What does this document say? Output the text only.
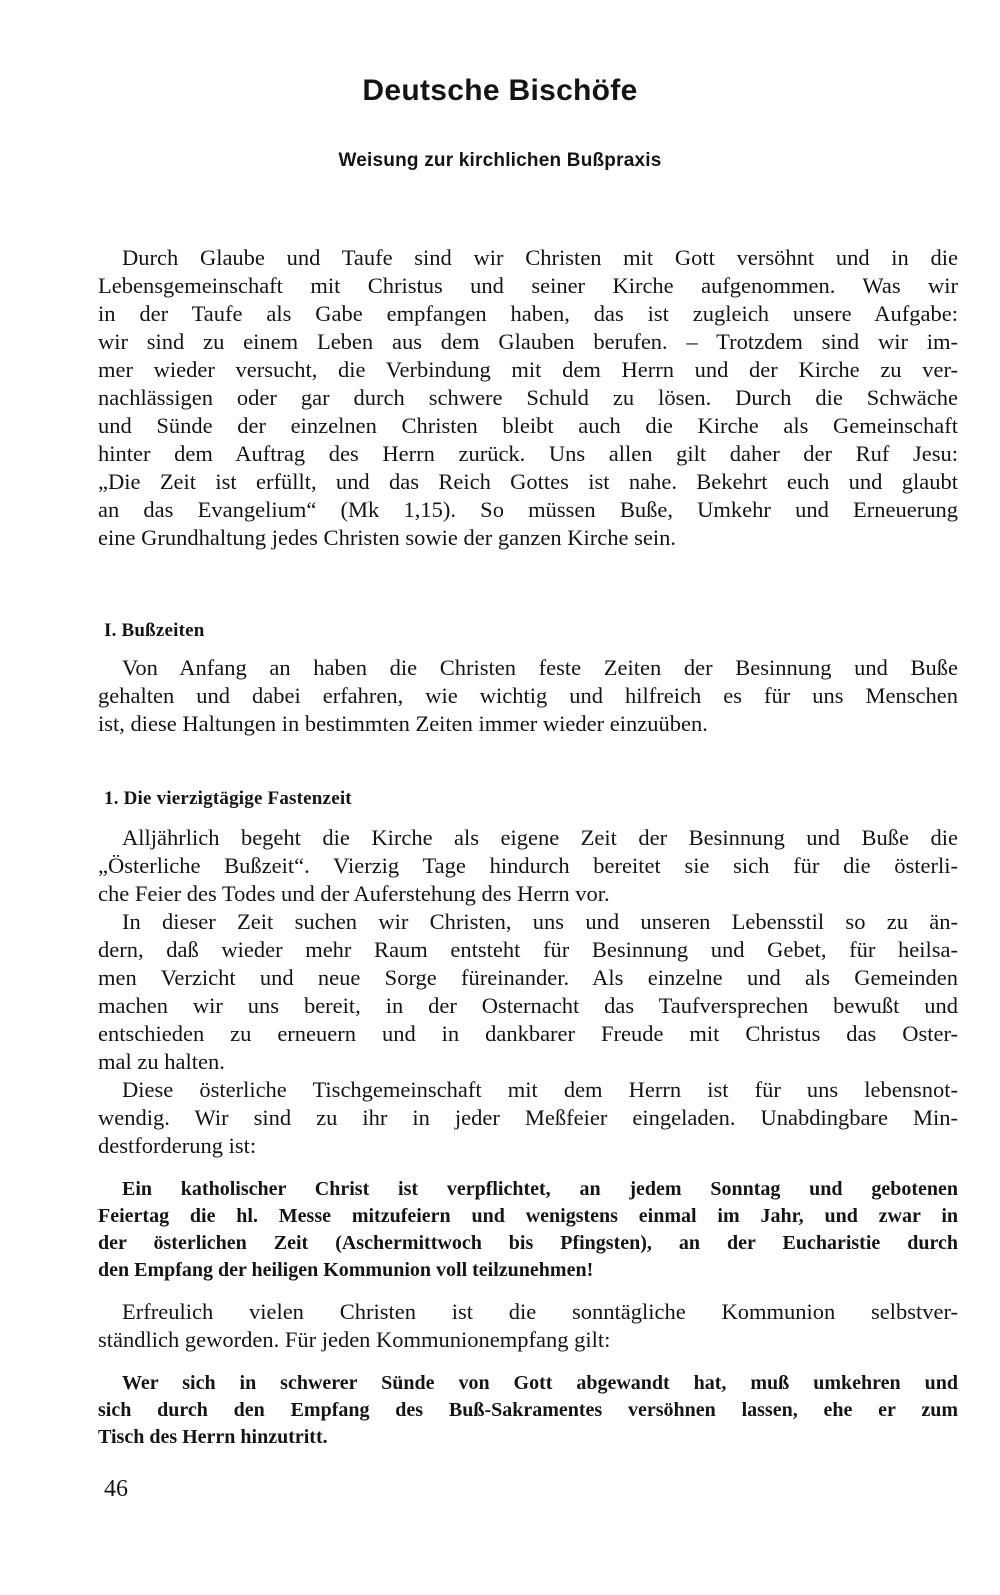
Deutsche Bischöfe
Weisung zur kirchlichen Bußpraxis
Durch Glaube und Taufe sind wir Christen mit Gott versöhnt und in die
Lebensgemeinschaft mit Christus und seiner Kirche aufgenommen. Was wir
in der Taufe als Gabe empfangen haben, das ist zugleich unsere Aufgabe:
wir sind zu einem Leben aus dem Glauben berufen. – Trotzdem sind wir im-
mer wieder versucht, die Verbindung mit dem Herrn und der Kirche zu ver-
nachlässigen oder gar durch schwere Schuld zu lösen. Durch die Schwäche
und Sünde der einzelnen Christen bleibt auch die Kirche als Gemeinschaft
hinter dem Auftrag des Herrn zurück. Uns allen gilt daher der Ruf Jesu:
„Die Zeit ist erfüllt, und das Reich Gottes ist nahe. Bekehrt euch und glaubt
an das Evangelium“ (Mk 1,15). So müssen Buße, Umkehr und Erneuerung
eine Grundhaltung jedes Christen sowie der ganzen Kirche sein.
I. Bußzeiten
Von Anfang an haben die Christen feste Zeiten der Besinnung und Buße
gehalten und dabei erfahren, wie wichtig und hilfreich es für uns Menschen
ist, diese Haltungen in bestimmten Zeiten immer wieder einzuüben.
1. Die vierzigtägige Fastenzeit
Alljährlich begeht die Kirche als eigene Zeit der Besinnung und Buße die
„Österliche Bußzeit“. Vierzig Tage hindurch bereitet sie sich für die österli-
che Feier des Todes und der Auferstehung des Herrn vor.
In dieser Zeit suchen wir Christen, uns und unseren Lebensstil so zu än-
dern, daß wieder mehr Raum entsteht für Besinnung und Gebet, für heilsa-
men Verzicht und neue Sorge füreinander. Als einzelne und als Gemeinden
machen wir uns bereit, in der Osternacht das Taufversprechen bewußt und
entschieden zu erneuern und in dankbarer Freude mit Christus das Oster-
mal zu halten.
Diese österliche Tischgemeinschaft mit dem Herrn ist für uns lebensnot-
wendig. Wir sind zu ihr in jeder Meßfeier eingeladen. Unabdingbare Min-
destforderung ist:
Ein katholischer Christ ist verpflichtet, an jedem Sonntag und gebotenen
Feiertag die hl. Messe mitzufeiern und wenigstens einmal im Jahr, und zwar in
der österlichen Zeit (Aschermittwoch bis Pfingsten), an der Eucharistie durch
den Empfang der heiligen Kommunion voll teilzunehmen!
Erfreulich vielen Christen ist die sonntägliche Kommunion selbstver-
ständlich geworden. Für jeden Kommunionempfang gilt:
Wer sich in schwerer Sünde von Gott abgewandt hat, muß umkehren und
sich durch den Empfang des Buß-Sakramentes versöhnen lassen, ehe er zum
Tisch des Herrn hinzutritt.
46
